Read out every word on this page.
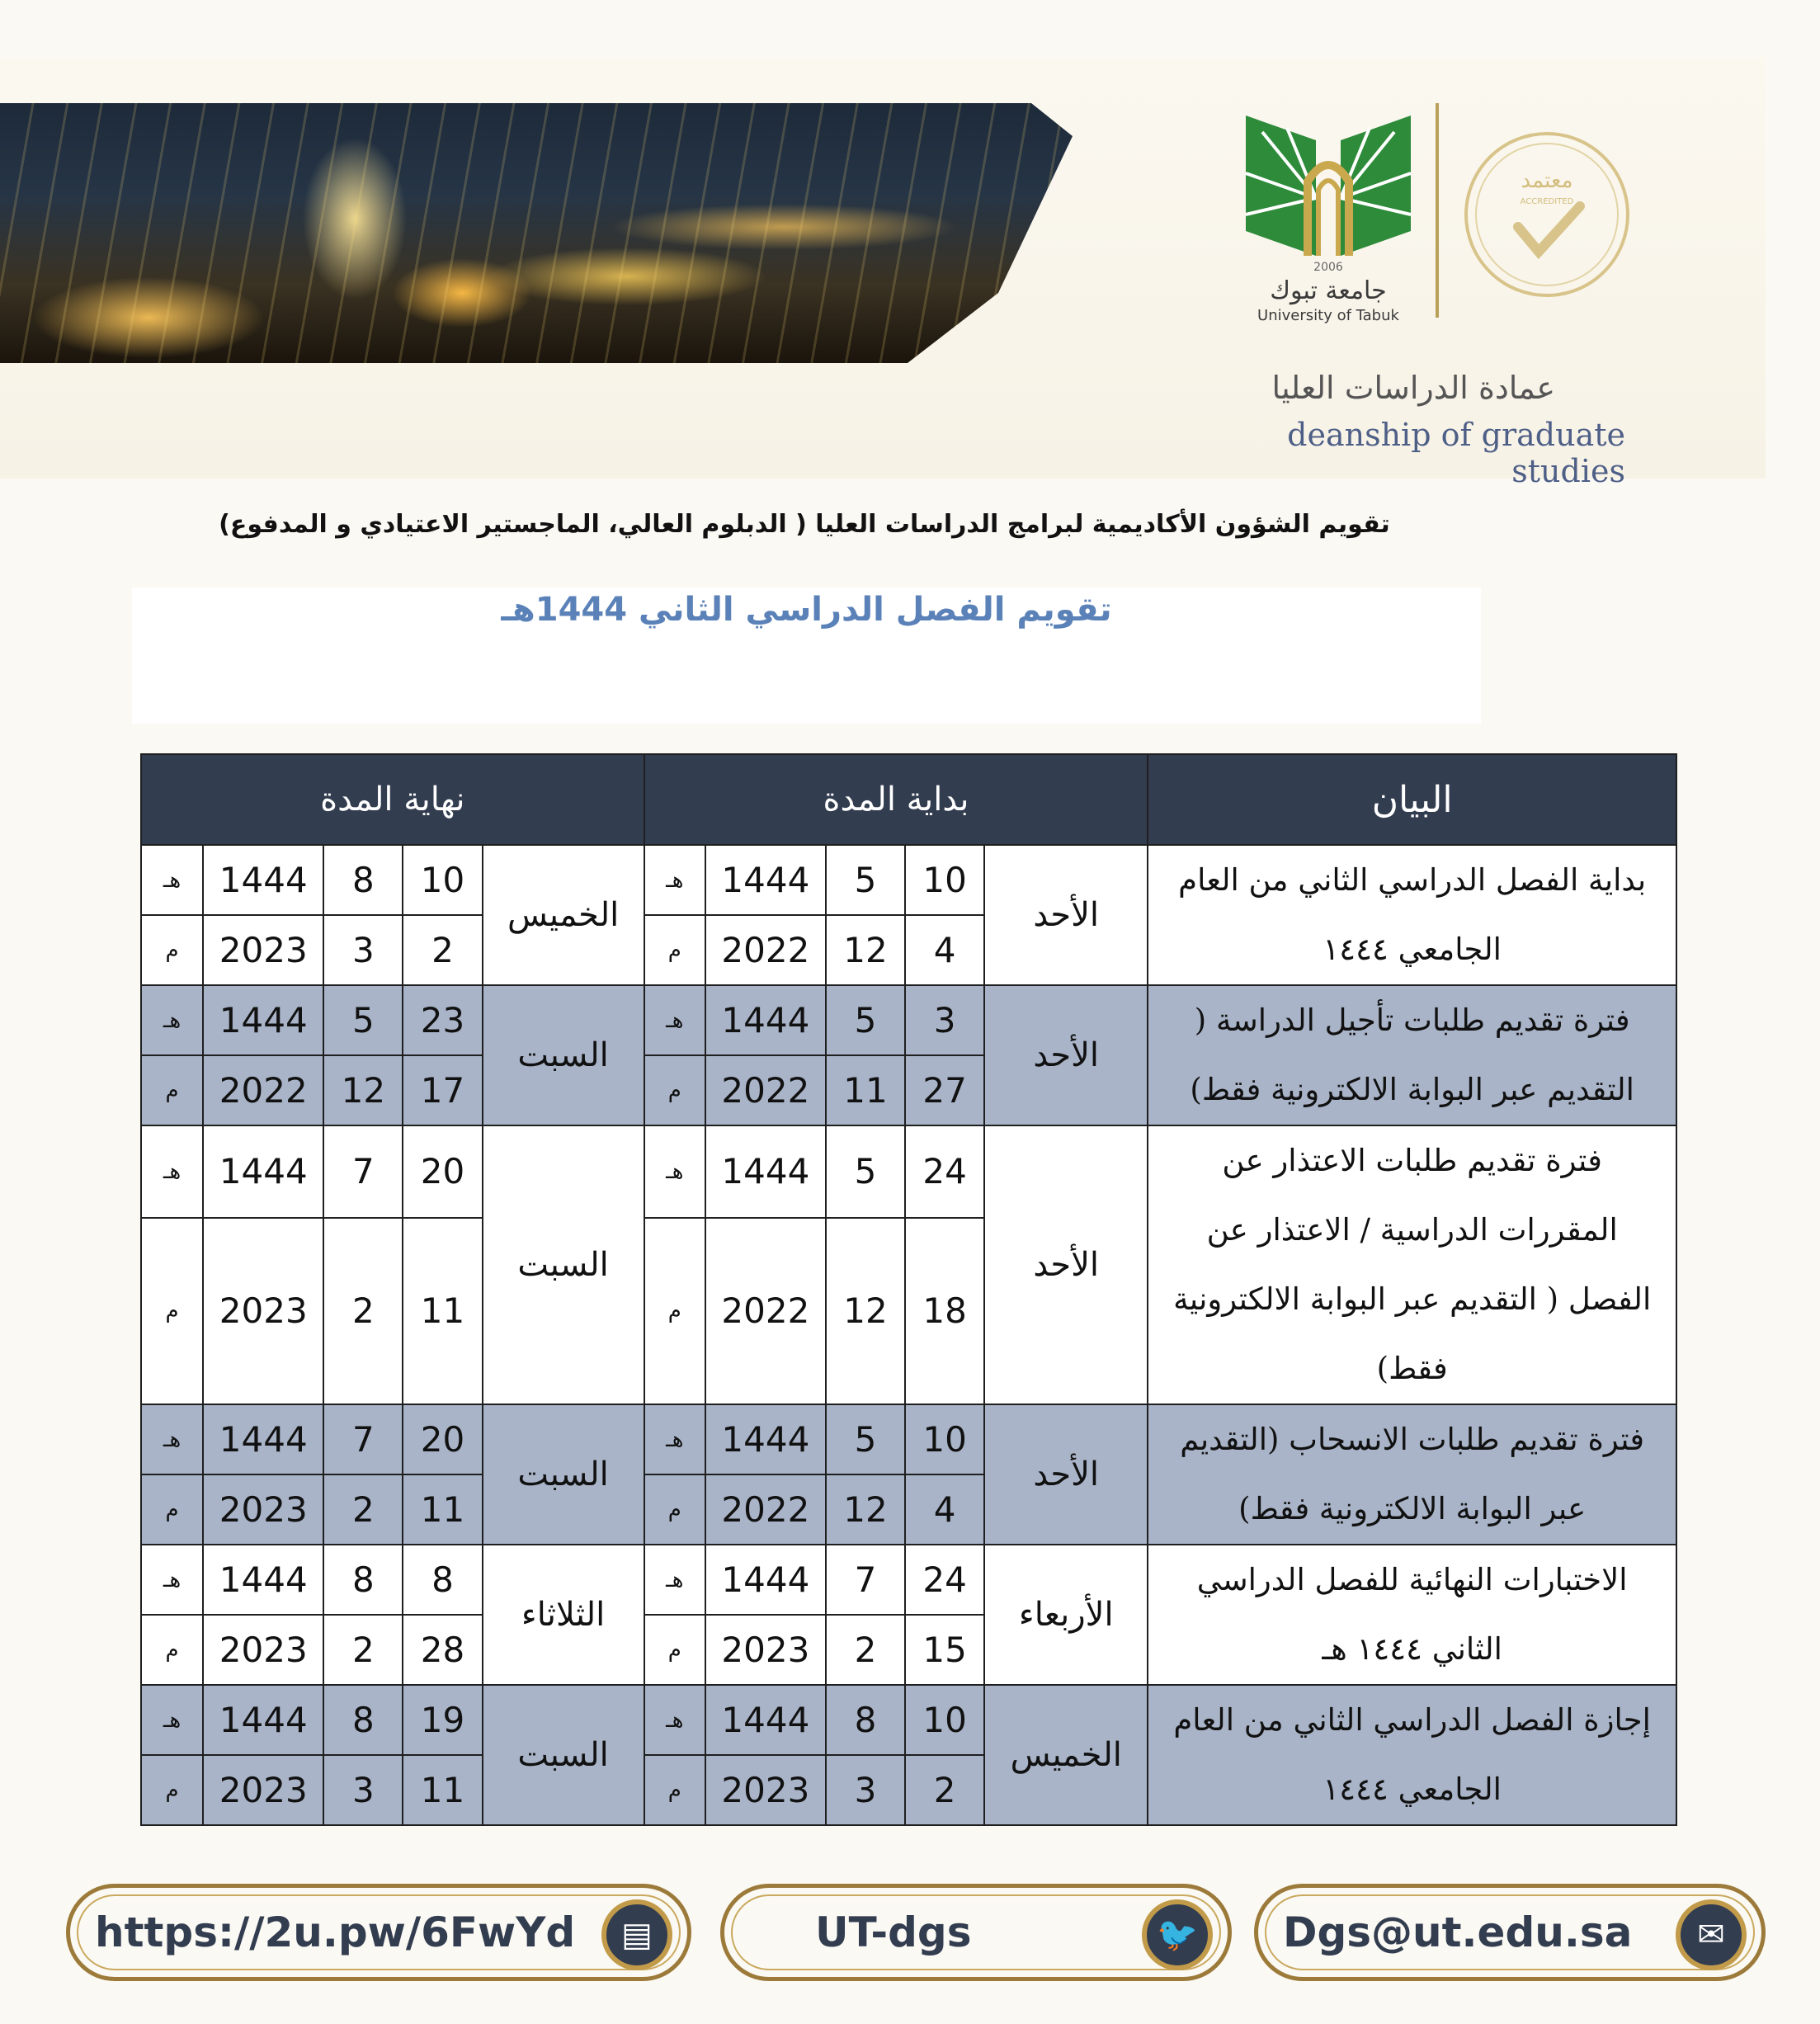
2006
جامعة تبوك
University of Tabuk
معتمد
ACCREDITED
عمادة الدراسات العليا
deanship of graduate studies
تقويم الشؤون الأكاديمية لبرامج الدراسات العليا ( الدبلوم العالي، الماجستير الاعتيادي و المدفوع)
تقويم الفصل الدراسي الثاني 1444هـ
البيان	بداية المدة					نهاية المدة				
بداية الفصل الدراسي الثاني من العام الجامعي ١٤٤٤	الأحد	10	5	1444	هـ	الخميس	10	8	1444	هـ
		4	12	2022	م		2	3	2023	م
فترة تقديم طلبات تأجيل الدراسة ( التقديم عبر البوابة الالكترونية فقط)	الأحد	3	5	1444	هـ	السبت	23	5	1444	هـ
		27	11	2022	م		17	12	2022	م
فترة تقديم طلبات الاعتذار عن المقررات الدراسية / الاعتذار عن الفصل ( التقديم عبر البوابة الالكترونية فقط)	الأحد	24	5	1444	هـ	السبت	20	7	1444	هـ
		18	12	2022	م		11	2	2023	م
فترة تقديم طلبات الانسحاب (التقديم عبر البوابة الالكترونية فقط)	الأحد	10	5	1444	هـ	السبت	20	7	1444	هـ
		4	12	2022	م		11	2	2023	م
الاختبارات النهائية للفصل الدراسي الثاني ١٤٤٤ هـ	الأربعاء	24	7	1444	هـ	الثلاثاء	8	8	1444	هـ
		15	2	2023	م		28	2	2023	م
إجازة الفصل الدراسي الثاني من العام الجامعي ١٤٤٤	الخميس	10	8	1444	هـ	السبت	19	8	1444	هـ
		2	3	2023	م		11	3	2023	م
https://2u.pw/6FwYd	▤	UT-dgs	🐦 Dgs@ut.edu.sa	✉
